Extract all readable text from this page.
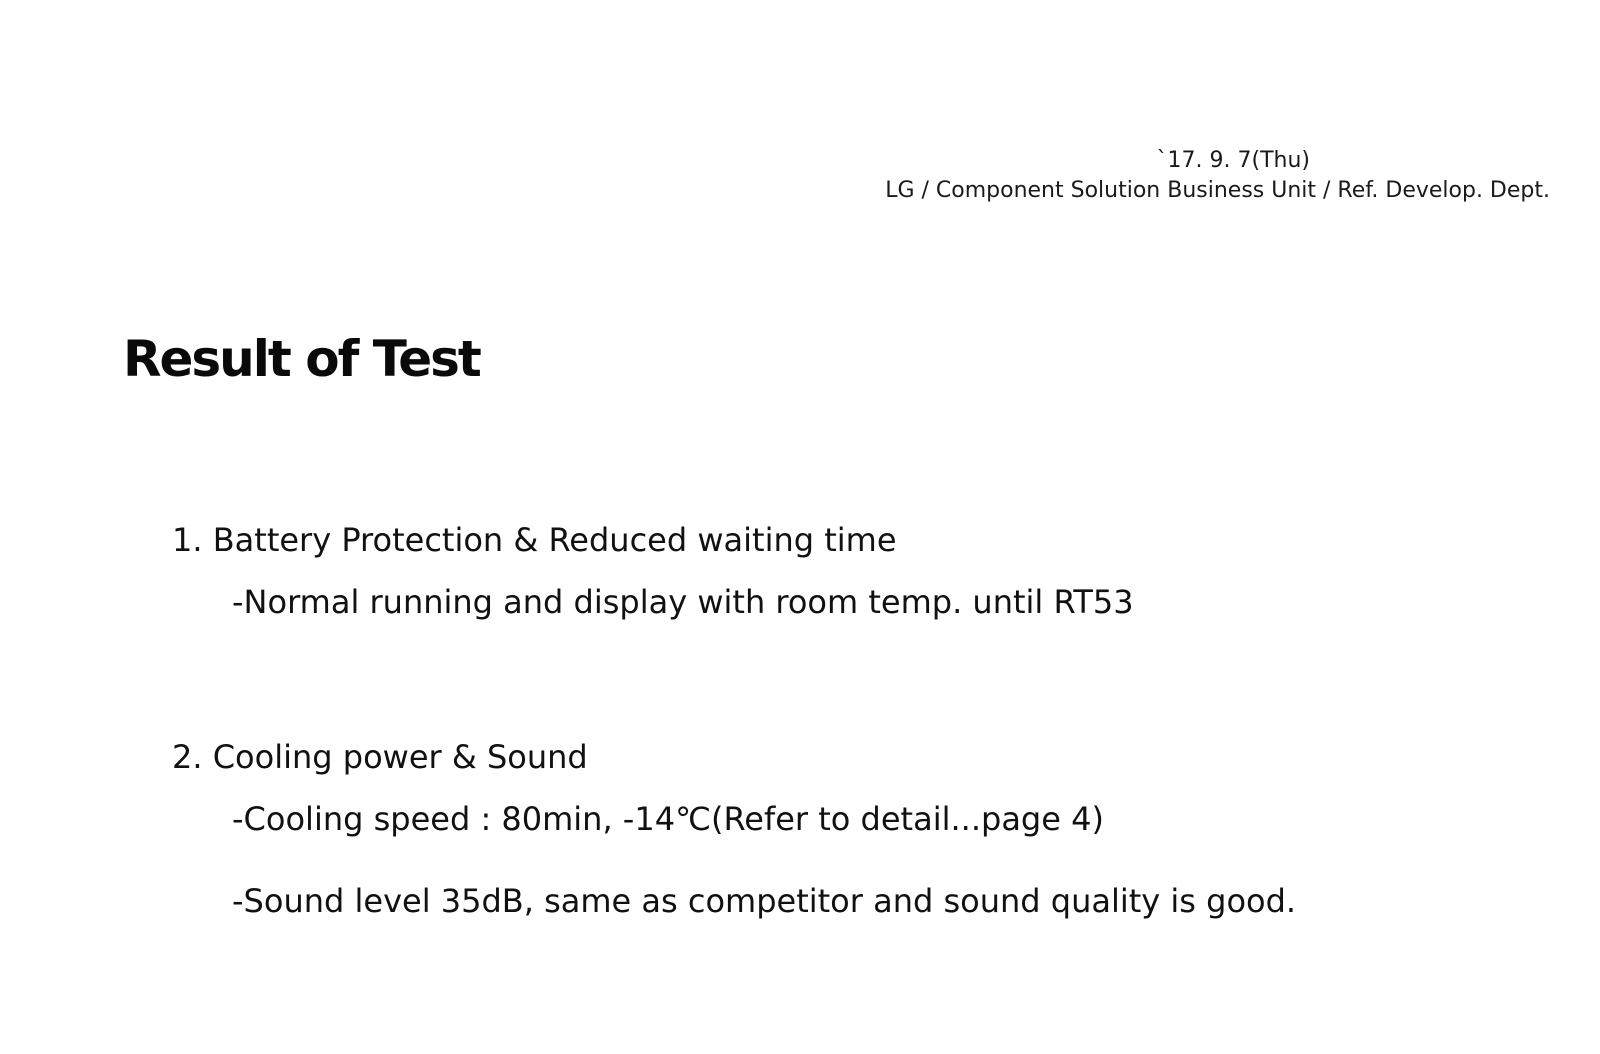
`17. 9. 7(Thu)
LG / Component Solution Business Unit / Ref. Develop. Dept.
Result of Test
1. Battery Protection & Reduced waiting time
-Normal running and display with room temp. until RT53
2. Cooling power & Sound
-Cooling speed : 80min, -14℃(Refer to detail...page 4)
-Sound level 35dB, same as competitor and sound quality is good.
